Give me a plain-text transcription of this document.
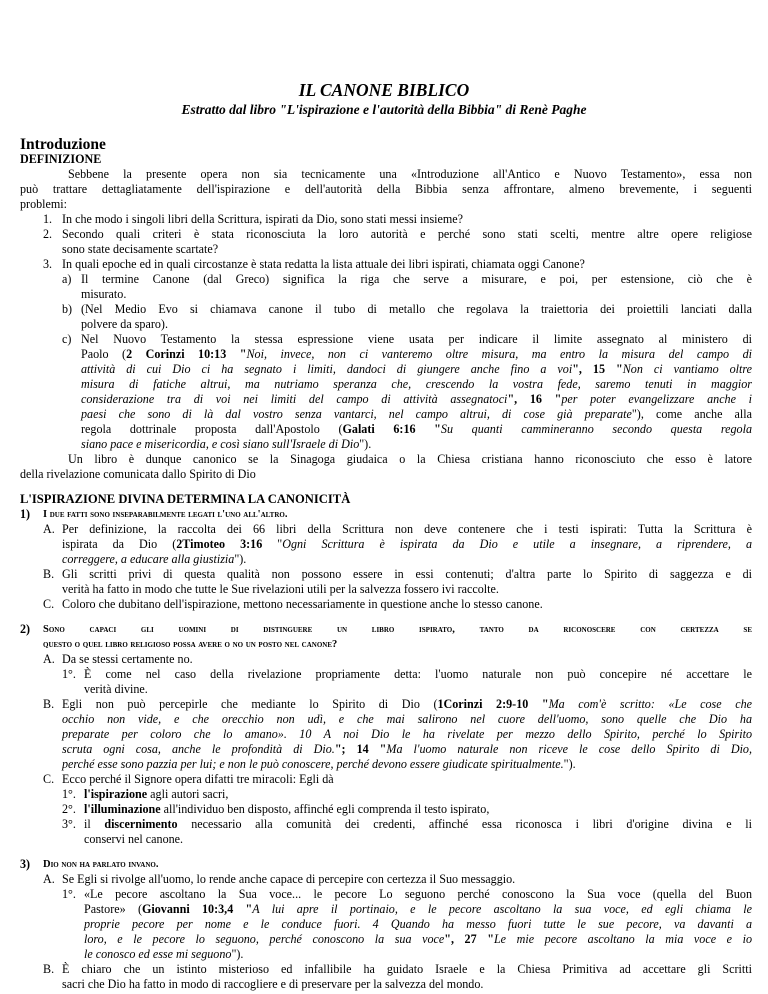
IL CANONE BIBLICO
Estratto dal libro "L'ispirazione e l'autorità della Bibbia" di Renè Paghe
Introduzione
DEFINIZIONE
Sebbene la presente opera non sia tecnicamente una «Introduzione all'Antico e Nuovo Testamento», essa non
può trattare dettagliatamente dell'ispirazione e dell'autorità della Bibbia senza affrontare, almeno brevemente, i seguenti
problemi:
1. In che modo i singoli libri della Scrittura, ispirati da Dio, sono stati messi insieme?
2. Secondo quali criteri è stata riconosciuta la loro autorità e perché sono stati scelti, mentre altre opere religiose
sono state decisamente scartate?
3. In quali epoche ed in quali circostanze è stata redatta la lista attuale dei libri ispirati, chiamata oggi Canone?
a) Il termine Canone (dal Greco) significa la riga che serve a misurare, e poi, per estensione, ciò che è
misurato.
b) (Nel Medio Evo si chiamava canone il tubo di metallo che regolava la traiettoria dei proiettili lanciati dalla
polvere da sparo).
c) Nel Nuovo Testamento la stessa espressione viene usata per indicare il limite assegnato al ministero di
Paolo (2 Corinzi 10:13 "Noi, invece, non ci vanteremo oltre misura, ma entro la misura del campo di
attività di cui Dio ci ha segnato i limiti, dandoci di giungere anche fino a voi", 15 "Non ci vantiamo oltre
misura di fatiche altrui, ma nutriamo speranza che, crescendo la vostra fede, saremo tenuti in maggior
considerazione tra di voi nei limiti del campo di attività assegnatoci", 16 "per poter evangelizzare anche i
paesi che sono di là dal vostro senza vantarci, nel campo altrui, di cose già preparate"), come anche alla
regola dottrinale proposta dall'Apostolo (Galati 6:16 "Su quanti cammineranno secondo questa regola
siano pace e misericordia, e così siano sull'Israele di Dio").
Un libro è dunque canonico se la Sinagoga giudaica o la Chiesa cristiana hanno riconosciuto che esso è latore
della rivelazione comunicata dallo Spirito di Dio
L'ISPIRAZIONE DIVINA DETERMINA LA CANONICITÀ
1) I due fatti sono inseparabilmente legati l'uno all'altro.
A. Per definizione, la raccolta dei 66 libri della Scrittura non deve contenere che i testi ispirati: Tutta la Scrittura è
ispirata da Dio (2Timoteo 3:16 "Ogni Scrittura è ispirata da Dio e utile a insegnare, a riprendere, a
correggere, a educare alla giustizia").
B. Gli scritti privi di questa qualità non possono essere in essi contenuti; d'altra parte lo Spirito di saggezza e di
verità ha fatto in modo che tutte le Sue rivelazioni utili per la salvezza fossero ivi raccolte.
C. Coloro che dubitano dell'ispirazione, mettono necessariamente in questione anche lo stesso canone.
2) Sono capaci gli uomini di distinguere un libro ispirato, tanto da riconoscere con certezza se
questo o quel libro religioso possa avere o no un posto nel canone?
A. Da se stessi certamente no.
1°. È come nel caso della rivelazione propriamente detta: l'uomo naturale non può concepire né accettare le
verità divine.
B. Egli non può percepirle che mediante lo Spirito di Dio (1Corinzi 2:9-10 "Ma com'è scritto: «Le cose che
occhio non vide, e che orecchio non udì, e che mai salirono nel cuore dell'uomo, sono quelle che Dio ha
preparate per coloro che lo amano». 10 A noi Dio le ha rivelate per mezzo dello Spirito, perché lo Spirito
scruta ogni cosa, anche le profondità di Dio."; 14 "Ma l'uomo naturale non riceve le cose dello Spirito di Dio,
perché esse sono pazzia per lui; e non le può conoscere, perché devono essere giudicate spiritualmente.").
C. Ecco perché il Signore opera difatti tre miracoli: Egli dà
1°. l'ispirazione agli autori sacri,
2°. l'illuminazione all'individuo ben disposto, affinché egli comprenda il testo ispirato,
3°. il discernimento necessario alla comunità dei credenti, affinché essa riconosca i libri d'origine divina e li
conservi nel canone.
3) Dio non ha parlato invano.
A. Se Egli si rivolge all'uomo, lo rende anche capace di percepire con certezza il Suo messaggio.
1°. «Le pecore ascoltano la Sua voce... le pecore Lo seguono perché conoscono la Sua voce (quella del Buon
Pastore» (Giovanni 10:3,4 "A lui apre il portinaio, e le pecore ascoltano la sua voce, ed egli chiama le
proprie pecore per nome e le conduce fuori. 4 Quando ha messo fuori tutte le sue pecore, va davanti a
loro, e le pecore lo seguono, perché conoscono la sua voce", 27 "Le mie pecore ascoltano la mia voce e io
le conosco ed esse mi seguono").
B. È chiaro che un istinto misterioso ed infallibile ha guidato Israele e la Chiesa Primitiva ad accettare gli Scritti
sacri che Dio ha fatto in modo di raccogliere e di preservare per la salvezza del mondo.
